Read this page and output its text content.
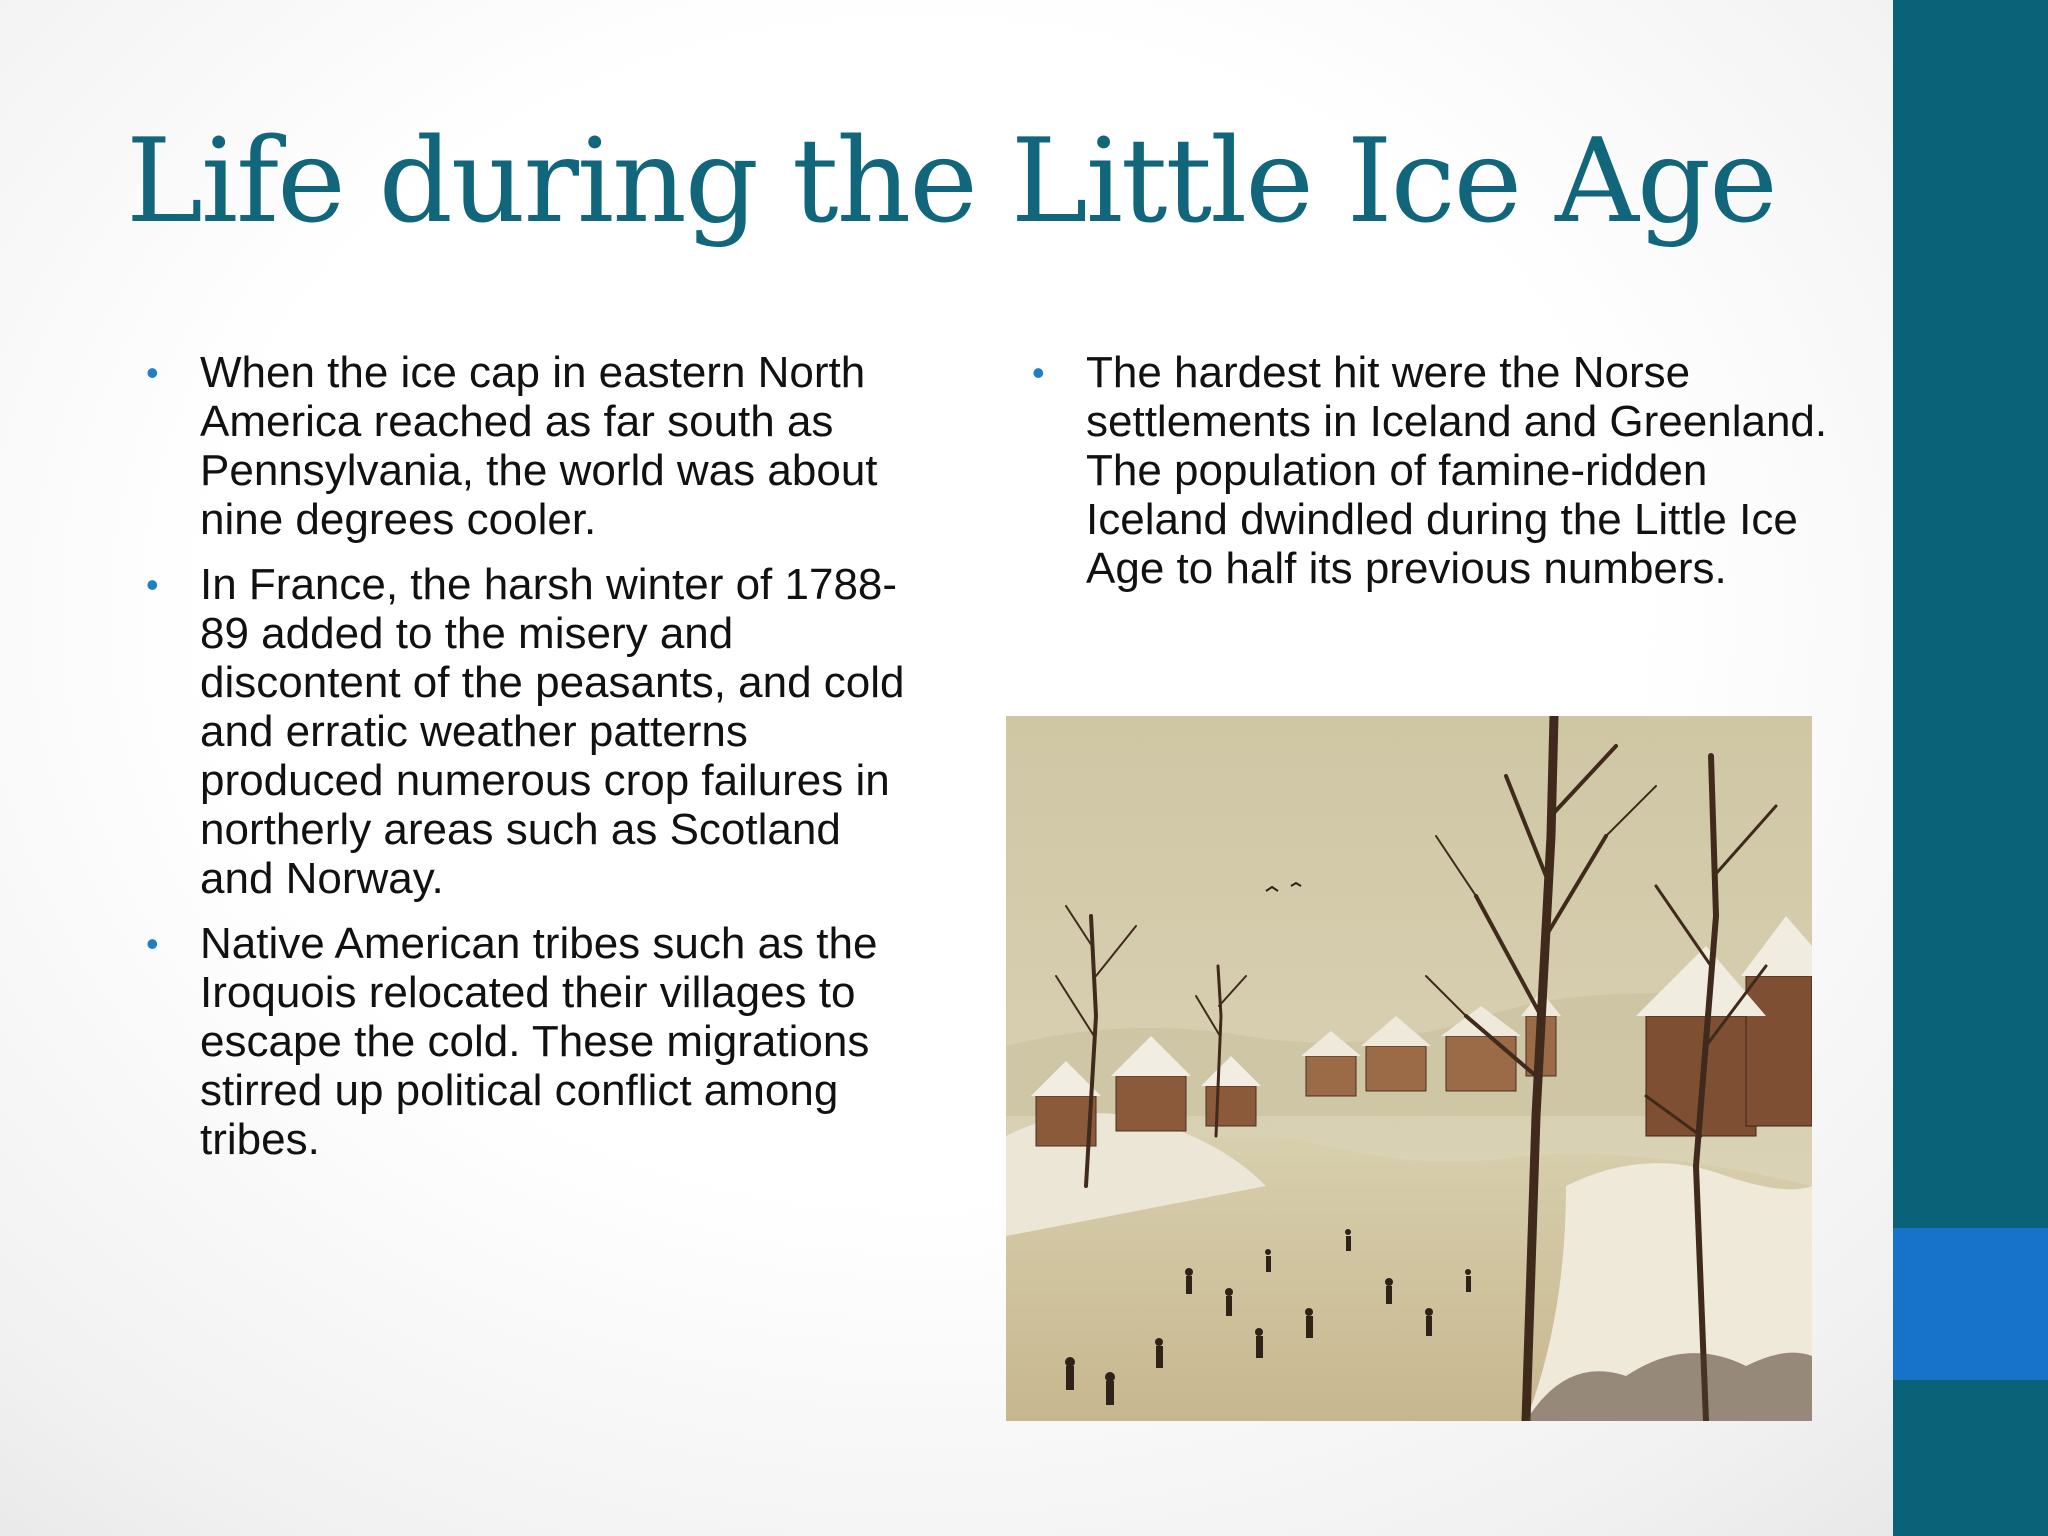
Life during the Little Ice Age
• When the ice cap in eastern North America reached as far south as Pennsylvania, the world was about nine degrees cooler.
• In France, the harsh winter of 1788-89 added to the misery and discontent of the peasants, and cold and erratic weather patterns produced numerous crop failures in northerly areas such as Scotland and Norway.
• Native American tribes such as the Iroquois relocated their villages to escape the cold. These migrations stirred up political conflict among tribes.
• The hardest hit were the Norse settlements in Iceland and Greenland. The population of famine-ridden Iceland dwindled during the Little Ice Age to half its previous numbers.
